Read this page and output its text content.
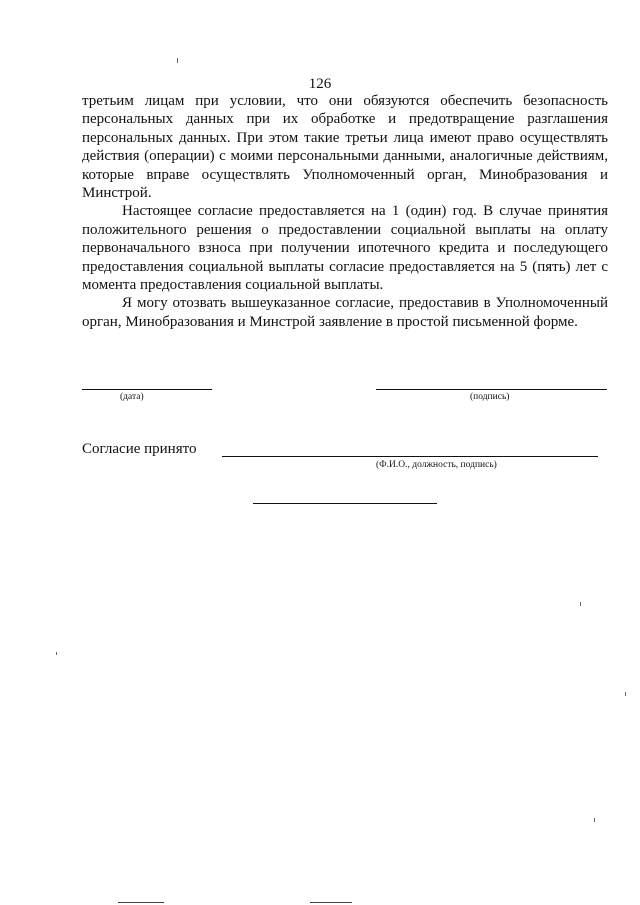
126

третьим лицам при условии, что они обязуются обеспечить безопасность персональных данных при их обработке и предотвращение разглашения персональных данных. При этом такие третьи лица имеют право осуществлять действия (операции) с моими персональными данными, аналогичные действиям, которые вправе осуществлять Уполномоченный орган, Минобразования и Минстрой.

Настоящее согласие предоставляется на 1 (один) год. В случае принятия положительного решения о предоставлении социальной выплаты на оплату первоначального взноса при получении ипотечного кредита и последующего предоставления социальной выплаты согласие предоставляется на 5 (пять) лет с момента предоставления социальной выплаты.

Я могу отозвать вышеуказанное согласие, предоставив в Уполномоченный орган, Минобразования и Минстрой заявление в простой письменной форме.

(дата)	(подпись)
Согласие принято
(Ф.И.О., должность, подпись)
